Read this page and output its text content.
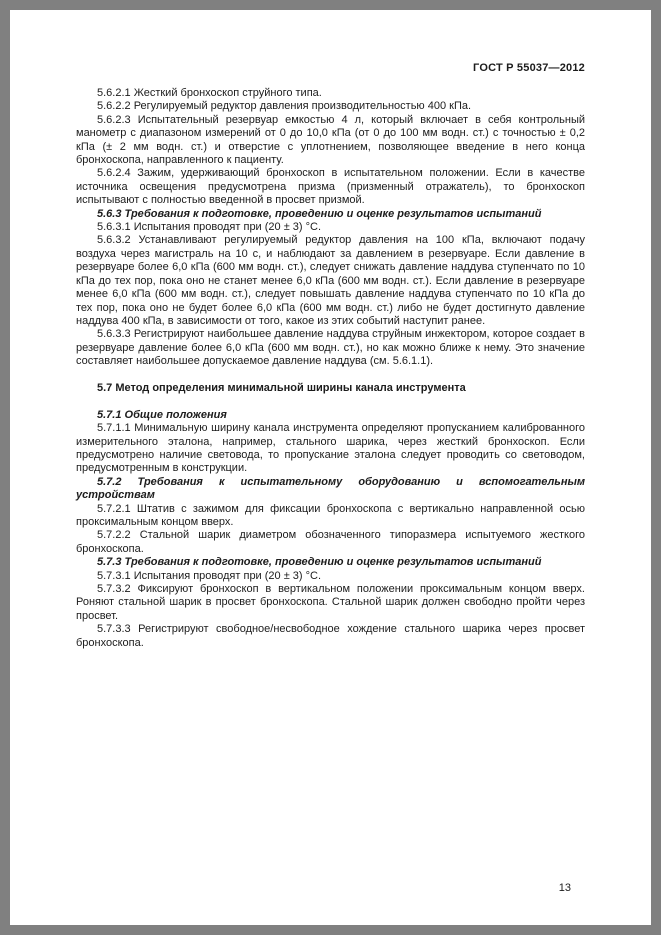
ГОСТ Р 55037—2012

5.6.2.1 Жесткий бронхоскоп струйного типа.

5.6.2.2 Регулируемый редуктор давления производительностью 400 кПа.

5.6.2.3 Испытательный резервуар емкостью 4 л, который включает в себя контрольный манометр с диапазоном измерений от 0 до 10,0 кПа (от 0 до 100 мм водн. ст.) с точностью ± 0,2 кПа (± 2 мм водн. ст.) и отверстие с уплотнением, позволяющее введение в него конца бронхоскопа, направленного к пациенту.

5.6.2.4 Зажим, удерживающий бронхоскоп в испытательном положении. Если в качестве источника освещения предусмотрена призма (призменный отражатель), то бронхоскоп испытывают с полностью введенной в просвет призмой.

5.6.3 Требования к подготовке, проведению и оценке результатов испытаний

5.6.3.1 Испытания проводят при (20 ± 3) °С.

5.6.3.2 Устанавливают регулируемый редуктор давления на 100 кПа, включают подачу воздуха через магистраль на 10 с, и наблюдают за давлением в резервуаре. Если давление в резервуаре более 6,0 кПа (600 мм водн. ст.), следует снижать давление наддува ступенчато по 10 кПа до тех пор, пока оно не станет менее 6,0 кПа (600 мм водн. ст.). Если давление в резервуаре менее 6,0 кПа (600 мм водн. ст.), следует повышать давление наддува ступенчато по 10 кПа до тех пор, пока оно не будет более 6,0 кПа (600 мм водн. ст.) либо не будет достигнуто давление наддува 400 кПа, в зависимости от того, какое из этих событий наступит ранее.

5.6.3.3 Регистрируют наибольшее давление наддува струйным инжектором, которое создает в резервуаре давление более 6,0 кПа (600 мм водн. ст.), но как можно ближе к нему. Это значение составляет наибольшее допускаемое давление наддува (см. 5.6.1.1).

5.7 Метод определения минимальной ширины канала инструмента

5.7.1 Общие положения

5.7.1.1 Минимальную ширину канала инструмента определяют пропусканием калиброванного измерительного эталона, например, стального шарика, через жесткий бронхоскоп. Если предусмотрено наличие световода, то пропускание эталона следует проводить со световодом, предусмотренным в конструкции.

5.7.2 Требования к испытательному оборудованию и вспомогательным устройствам

5.7.2.1 Штатив с зажимом для фиксации бронхоскопа с вертикально направленной осью проксимальным концом вверх.

5.7.2.2 Стальной шарик диаметром обозначенного типоразмера испытуемого жесткого бронхоскопа.

5.7.3 Требования к подготовке, проведению и оценке результатов испытаний

5.7.3.1 Испытания проводят при (20 ± 3) °С.

5.7.3.2 Фиксируют бронхоскоп в вертикальном положении проксимальным концом вверх. Роняют стальной шарик в просвет бронхоскопа. Стальной шарик должен свободно пройти через просвет.

5.7.3.3 Регистрируют свободное/несвободное хождение стального шарика через просвет бронхоскопа.

13
